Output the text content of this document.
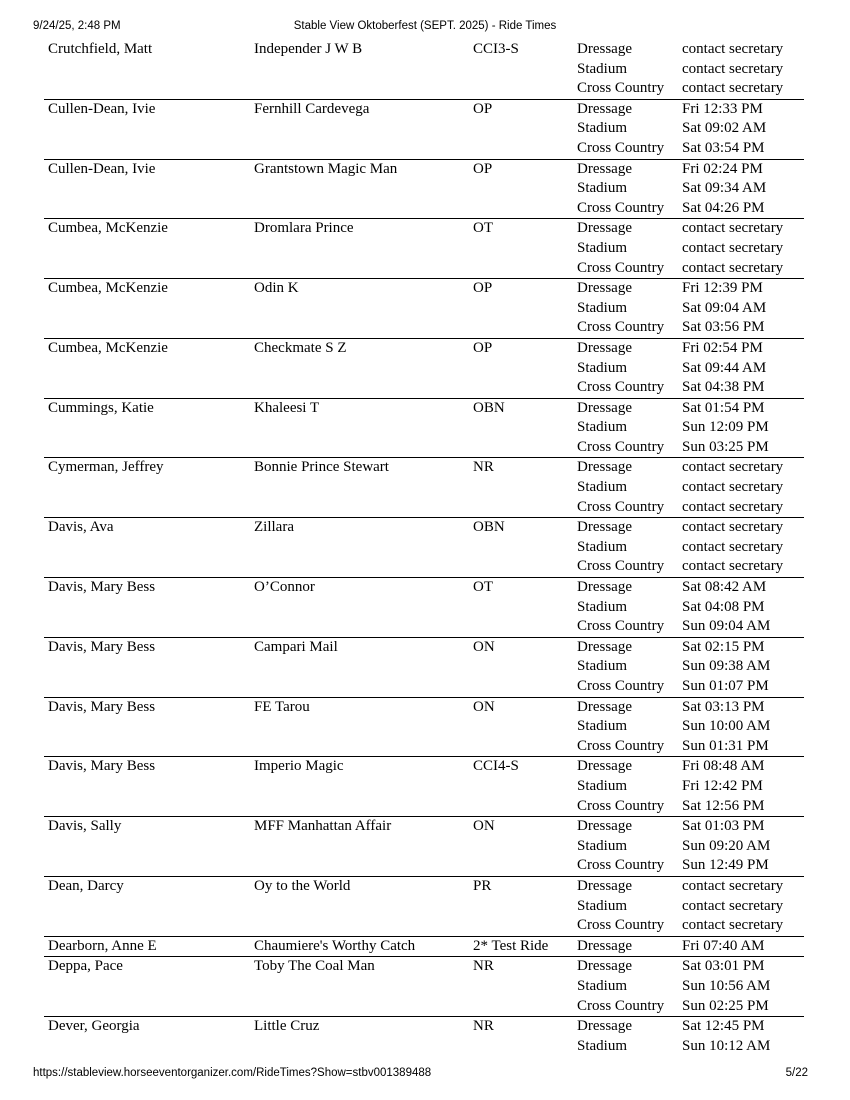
9/24/25, 2:48 PM	Stable View Oktoberfest (SEPT. 2025) - Ride Times
Crutchfield, Matt	Independer J W B	CCI3-S	Dressage	contact secretary
Stadium	contact secretary
Cross Country	contact secretary
Cullen-Dean, Ivie	Fernhill Cardevega	OP	Dressage	Fri 12:33 PM
Stadium	Sat 09:02 AM
Cross Country	Sat 03:54 PM
Cullen-Dean, Ivie	Grantstown Magic Man	OP	Dressage	Fri 02:24 PM
Stadium	Sat 09:34 AM
Cross Country	Sat 04:26 PM
Cumbea, McKenzie	Dromlara Prince	OT	Dressage	contact secretary
Stadium	contact secretary
Cross Country	contact secretary
Cumbea, McKenzie	Odin K	OP	Dressage	Fri 12:39 PM
Stadium	Sat 09:04 AM
Cross Country	Sat 03:56 PM
Cumbea, McKenzie	Checkmate S Z	OP	Dressage	Fri 02:54 PM
Stadium	Sat 09:44 AM
Cross Country	Sat 04:38 PM
Cummings, Katie	Khaleesi T	OBN	Dressage	Sat 01:54 PM
Stadium	Sun 12:09 PM
Cross Country	Sun 03:25 PM
Cymerman, Jeffrey	Bonnie Prince Stewart	NR	Dressage	contact secretary
Stadium	contact secretary
Cross Country	contact secretary
Davis, Ava	Zillara	OBN	Dressage	contact secretary
Stadium	contact secretary
Cross Country	contact secretary
Davis, Mary Bess	O’Connor	OT	Dressage	Sat 08:42 AM
Stadium	Sat 04:08 PM
Cross Country	Sun 09:04 AM
Davis, Mary Bess	Campari Mail	ON	Dressage	Sat 02:15 PM
Stadium	Sun 09:38 AM
Cross Country	Sun 01:07 PM
Davis, Mary Bess	FE Tarou	ON	Dressage	Sat 03:13 PM
Stadium	Sun 10:00 AM
Cross Country	Sun 01:31 PM
Davis, Mary Bess	Imperio Magic	CCI4-S	Dressage	Fri 08:48 AM
Stadium	Fri 12:42 PM
Cross Country	Sat 12:56 PM
Davis, Sally	MFF Manhattan Affair	ON	Dressage	Sat 01:03 PM
Stadium	Sun 09:20 AM
Cross Country	Sun 12:49 PM
Dean, Darcy	Oy to the World	PR	Dressage	contact secretary
Stadium	contact secretary
Cross Country	contact secretary
Dearborn, Anne E	Chaumiere's Worthy Catch	2* Test Ride	Dressage	Fri 07:40 AM
Deppa, Pace	Toby The Coal Man	NR	Dressage	Sat 03:01 PM
Stadium	Sun 10:56 AM
Cross Country	Sun 02:25 PM
Dever, Georgia	Little Cruz	NR	Dressage	Sat 12:45 PM
Stadium	Sun 10:12 AM
https://stableview.horseeventorganizer.com/RideTimes?Show=stbv001389488	5/22
